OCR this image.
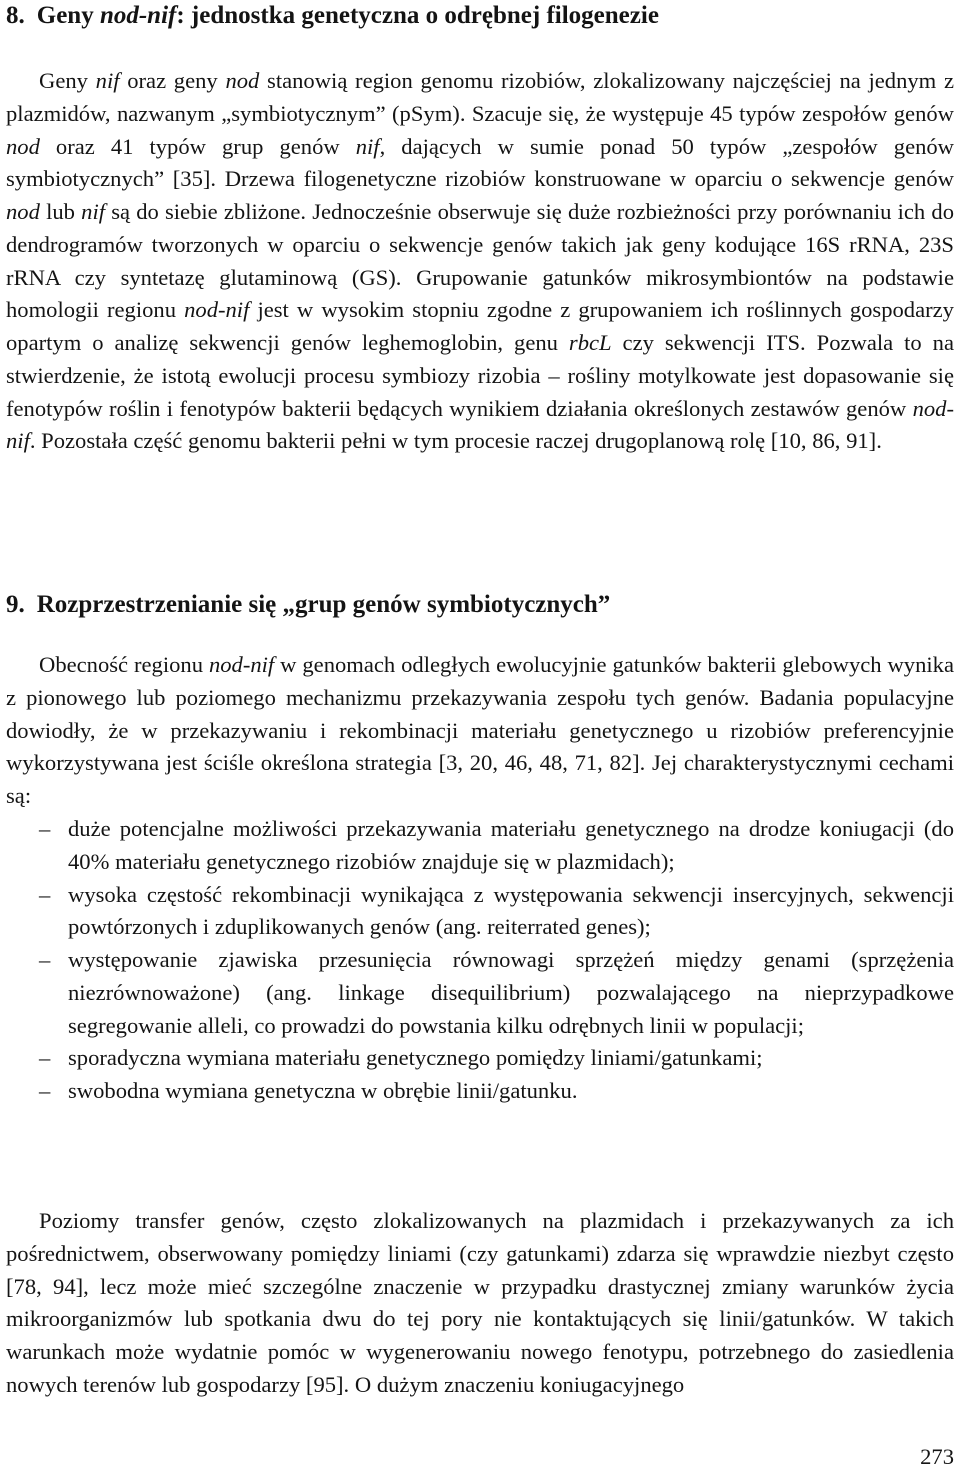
8. Geny nod-nif: jednostka genetyczna o odrębnej filogenezie

Geny nif oraz geny nod stanowią region genomu rizobiów, zlokalizowany najczęściej na jednym z plazmidów, nazwanym „symbiotycznym” (pSym). Szacuje się, że występuje 45 typów zespołów genów nod oraz 41 typów grup genów nif, dających w sumie ponad 50 typów „zespołów genów symbiotycznych” [35]. Drzewa filogenetyczne rizobiów konstruowane w oparciu o sekwencje genów nod lub nif są do siebie zbliżone. Jednocześnie obserwuje się duże rozbieżności przy porównaniu ich do dendrogramów tworzonych w oparciu o sekwencje genów takich jak geny kodujące 16S rRNA, 23S rRNA czy syntetazę glutaminową (GS). Grupowanie gatunków mikrosymbiontów na podstawie homologii regionu nod-nif jest w wysokim stopniu zgodne z grupowaniem ich roślinnych gospodarzy opartym o analizę sekwencji genów leghemoglobin, genu rbcL czy sekwencji ITS. Pozwala to na stwierdzenie, że istotą ewolucji procesu symbiozy rizobia – rośliny motylkowate jest dopasowanie się fenotypów roślin i fenotypów bakterii będących wynikiem działania określonych zestawów genów nod-nif. Pozostała część genomu bakterii pełni w tym procesie raczej drugoplanową rolę [10, 86, 91].

9. Rozprzestrzenianie się „grup genów symbiotycznych”

Obecność regionu nod-nif w genomach odległych ewolucyjnie gatunków bakterii glebowych wynika z pionowego lub poziomego mechanizmu przekazywania zespołu tych genów. Badania populacyjne dowiodły, że w przekazywaniu i rekombinacji materiału genetycznego u rizobiów preferencyjnie wykorzystywana jest ściśle określona strategia [3, 20, 46, 48, 71, 82]. Jej charakterystycznymi cechami są:

– duże potencjalne możliwości przekazywania materiału genetycznego na drodze koniugacji (do 40% materiału genetycznego rizobiów znajduje się w plazmidach);
– wysoka częstość rekombinacji wynikająca z występowania sekwencji insercyjnych, sekwencji powtórzonych i zduplikowanych genów (ang. reiterrated genes);
– występowanie zjawiska przesunięcia równowagi sprzężeń między genami (sprzężenia niezrównoważone) (ang. linkage disequilibrium) pozwalającego na nieprzypadkowe segregowanie alleli, co prowadzi do powstania kilku odrębnych linii w populacji;
– sporadyczna wymiana materiału genetycznego pomiędzy liniami/gatunkami;
– swobodna wymiana genetyczna w obrębie linii/gatunku.

Poziomy transfer genów, często zlokalizowanych na plazmidach i przekazywanych za ich pośrednictwem, obserwowany pomiędzy liniami (czy gatunkami) zdarza się wprawdzie niezbyt często [78, 94], lecz może mieć szczególne znaczenie w przypadku drastycznej zmiany warunków życia mikroorganizmów lub spotkania dwu do tej pory nie kontaktujących się linii/gatunków. W takich warunkach może wydatnie pomóc w wygenerowaniu nowego fenotypu, potrzebnego do zasiedlenia nowych terenów lub gospodarzy [95]. O dużym znaczeniu koniugacyjnego

273
